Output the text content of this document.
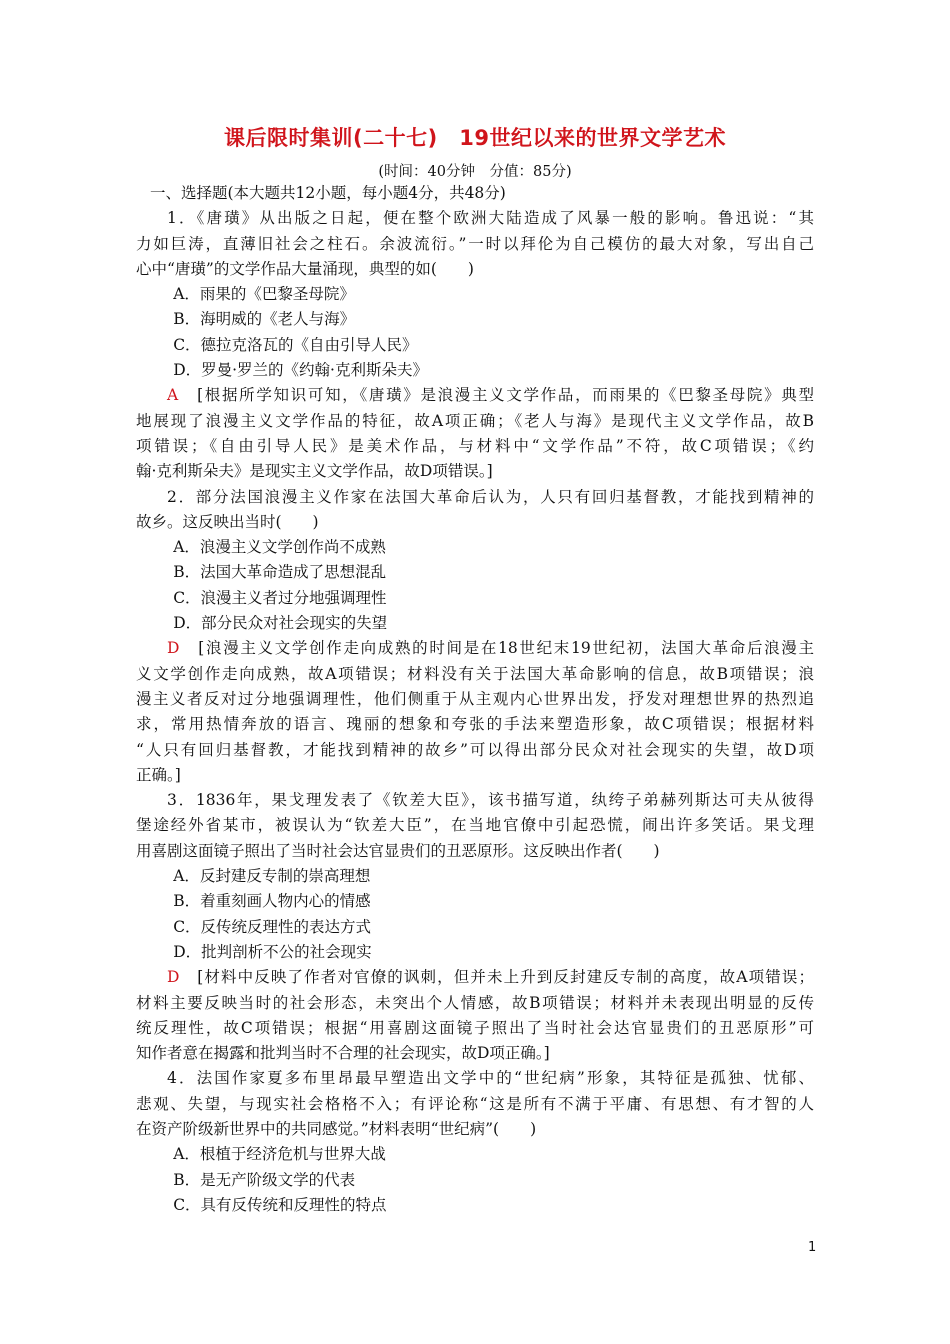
课后限时集训(二十七)　19世纪以来的世界文学艺术
(时间：40分钟　分值：85分)
一、选择题(本大题共12小题，每小题4分，共48分)
1．《唐璜》从出版之日起，便在整个欧洲大陆造成了风暴一般的影响。鲁迅说：“其
力如巨涛，直薄旧社会之柱石。余波流衍。”一时以拜伦为自己模仿的最大对象，写出自己
心中“唐璜”的文学作品大量涌现，典型的如(　　)
A．雨果的《巴黎圣母院》
B．海明威的《老人与海》
C．德拉克洛瓦的《自由引导人民》
D．罗曼·罗兰的《约翰·克利斯朵夫》
A　 [根据所学知识可知，《唐璜》是浪漫主义文学作品，而雨果的《巴黎圣母院》典型
地展现了浪漫主义文学作品的特征，故A项正确；《老人与海》是现代主义文学作品，故B
项错误；《自由引导人民》是美术作品，与材料中“文学作品”不符，故C项错误；《约
翰·克利斯朵夫》是现实主义文学作品，故D项错误。]
2．部分法国浪漫主义作家在法国大革命后认为，人只有回归基督教，才能找到精神的
故乡。这反映出当时(　　)
A．浪漫主义文学创作尚不成熟
B．法国大革命造成了思想混乱
C．浪漫主义者过分地强调理性
D．部分民众对社会现实的失望
D　 [浪漫主义文学创作走向成熟的时间是在18世纪末19世纪初，法国大革命后浪漫主
义文学创作走向成熟，故A项错误；材料没有关于法国大革命影响的信息，故B项错误；浪
漫主义者反对过分地强调理性，他们侧重于从主观内心世界出发，抒发对理想世界的热烈追
求，常用热情奔放的语言、瑰丽的想象和夸张的手法来塑造形象，故C项错误；根据材料
“人只有回归基督教，才能找到精神的故乡”可以得出部分民众对社会现实的失望，故D项
正确。]
3．1836年，果戈理发表了《钦差大臣》，该书描写道，纨绔子弟赫列斯达可夫从彼得
堡途经外省某市，被误认为“钦差大臣”，在当地官僚中引起恐慌，闹出许多笑话。果戈理
用喜剧这面镜子照出了当时社会达官显贵们的丑恶原形。这反映出作者(　　)
A．反封建反专制的崇高理想
B．着重刻画人物内心的情感
C．反传统反理性的表达方式
D．批判剖析不公的社会现实
D　 [材料中反映了作者对官僚的讽刺，但并未上升到反封建反专制的高度，故A项错误；
材料主要反映当时的社会形态，未突出个人情感，故B项错误；材料并未表现出明显的反传
统反理性，故C项错误；根据“用喜剧这面镜子照出了当时社会达官显贵们的丑恶原形”可
知作者意在揭露和批判当时不合理的社会现实，故D项正确。]
4．法国作家夏多布里昂最早塑造出文学中的“世纪病”形象，其特征是孤独、忧郁、
悲观、失望，与现实社会格格不入；有评论称“这是所有不满于平庸、有思想、有才智的人
在资产阶级新世界中的共同感觉。”材料表明“世纪病”(　　)
A．根植于经济危机与世界大战
B．是无产阶级文学的代表
C．具有反传统和反理性的特点
1
